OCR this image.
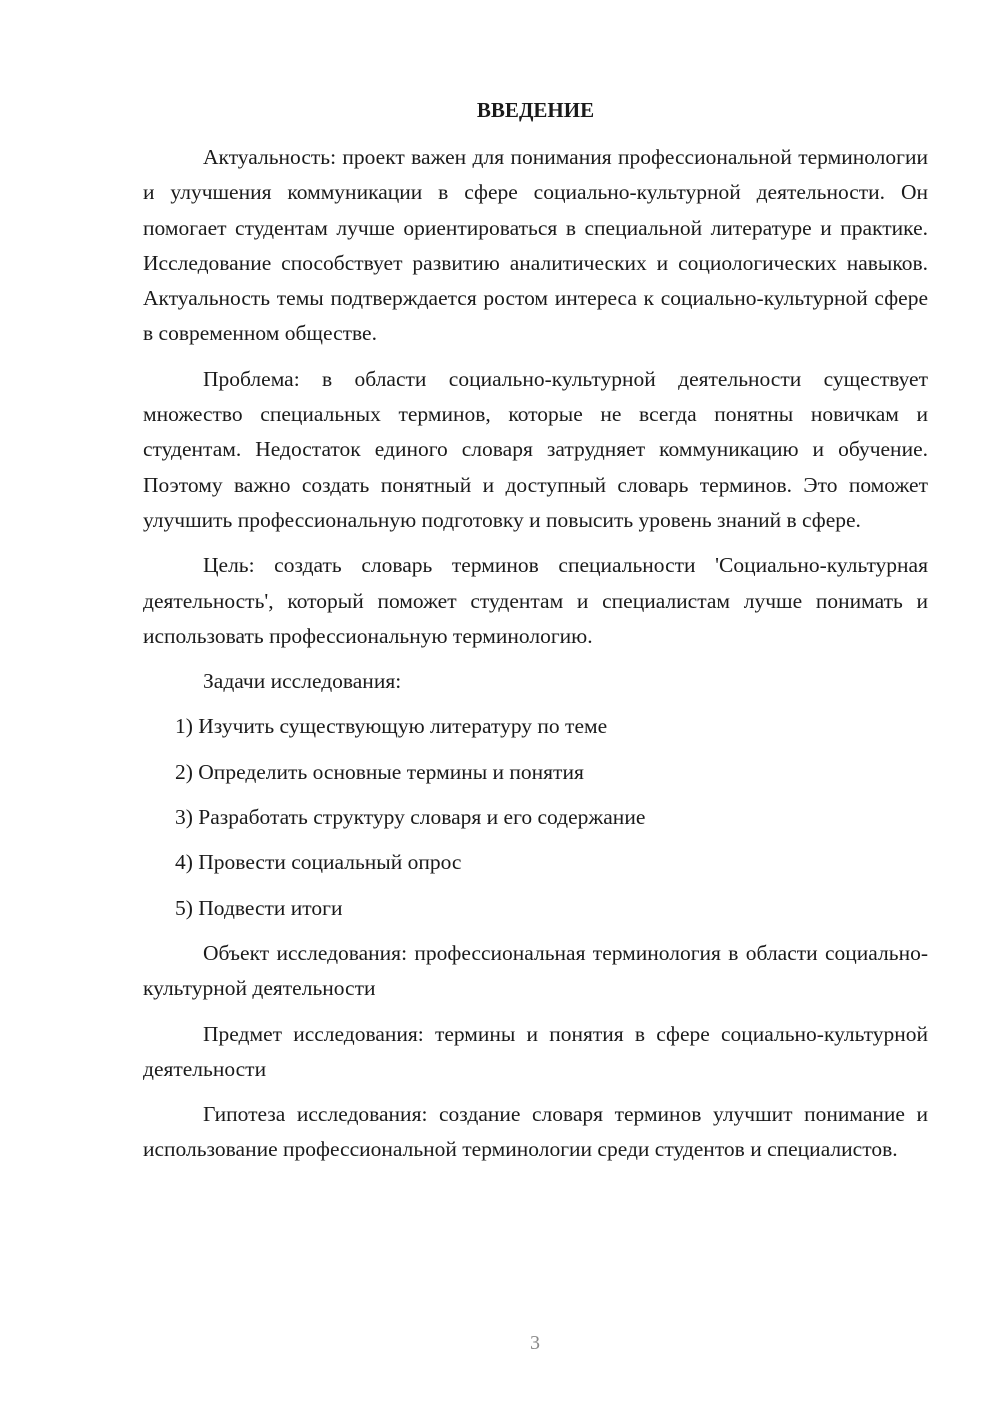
ВВЕДЕНИЕ

Актуальность: проект важен для понимания профессиональной терминологии и улучшения коммуникации в сфере социально-культурной деятельности. Он помогает студентам лучше ориентироваться в специальной литературе и практике. Исследование способствует развитию аналитических и социологических навыков. Актуальность темы подтверждается ростом интереса к социально-культурной сфере в современном обществе.

Проблема: в области социально-культурной деятельности существует множество специальных терминов, которые не всегда понятны новичкам и студентам. Недостаток единого словаря затрудняет коммуникацию и обучение. Поэтому важно создать понятный и доступный словарь терминов. Это поможет улучшить профессиональную подготовку и повысить уровень знаний в сфере.

Цель: создать словарь терминов специальности 'Социально-культурная деятельность', который поможет студентам и специалистам лучше понимать и использовать профессиональную терминологию.

Задачи исследования:

1) Изучить существующую литературу по теме

2) Определить основные термины и понятия

3) Разработать структуру словаря и его содержание

4) Провести социальный опрос

5) Подвести итоги

Объект исследования: профессиональная терминология в области социально-культурной деятельности

Предмет исследования: термины и понятия в сфере социально-культурной деятельности

Гипотеза исследования: создание словаря терминов улучшит понимание и использование профессиональной терминологии среди студентов и специалистов.

3
